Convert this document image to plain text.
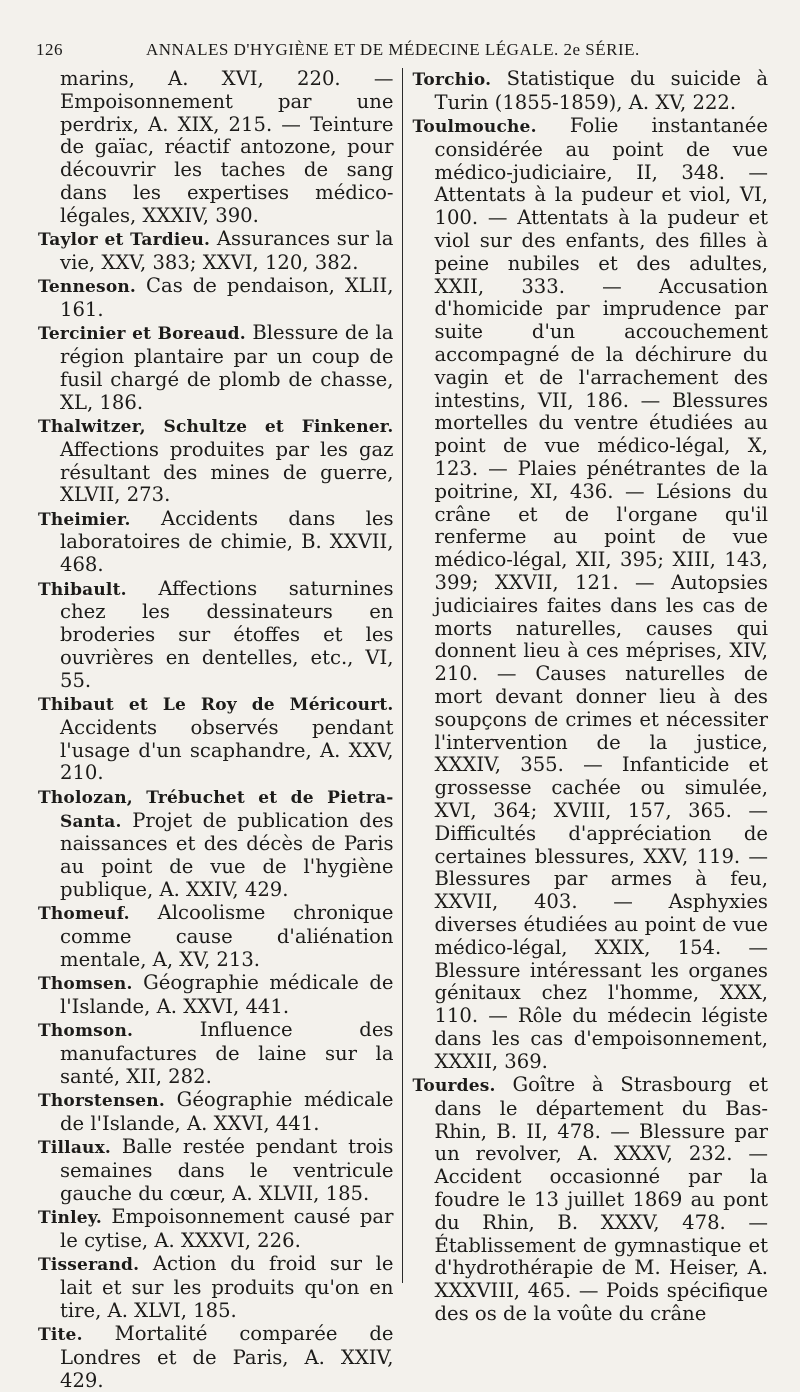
126	ANNALES D'HYGIÈNE ET DE MÉDECINE LÉGALE. 2e SÉRIE.

marins, A. XVI, 220. — Empoisonnement par une perdrix, A. XIX, 215. — Teinture de gaïac, réactif antozone, pour découvrir les taches de sang dans les expertises médico-légales, XXXIV, 390.

Taylor et Tardieu. Assurances sur la vie, XXV, 383; XXVI, 120, 382.

Tenneson. Cas de pendaison, XLII, 161.

Tercinier et Boreaud. Blessure de la région plantaire par un coup de fusil chargé de plomb de chasse, XL, 186.

Thalwitzer, Schultze et Finkener. Affections produites par les gaz résultant des mines de guerre, XLVII, 273.

Theimier. Accidents dans les laboratoires de chimie, B. XXVII, 468.

Thibault. Affections saturnines chez les dessinateurs en broderies sur étoffes et les ouvrières en dentelles, etc., VI, 55.

Thibaut et Le Roy de Méricourt. Accidents observés pendant l'usage d'un scaphandre, A. XXV, 210.

Tholozan, Trébuchet et de Pietra-Santa. Projet de publication des naissances et des décès de Paris au point de vue de l'hygiène publique, A. XXIV, 429.

Thomeuf. Alcoolisme chronique comme cause d'aliénation mentale, A, XV, 213.

Thomsen. Géographie médicale de l'Islande, A. XXVI, 441.

Thomson.	Influence des manufactures de laine sur la santé, XII, 282.

Thorstensen. Géographie médicale de l'Islande, A. XXVI, 441.

Tillaux. Balle restée pendant trois semaines dans le ventricule gauche du cœur, A. XLVII, 185.

Tinley. Empoisonnement causé par le cytise, A. XXXVI, 226.

Tisserand. Action du froid sur le lait et sur les produits qu'on en tire, A. XLVI, 185.

Tite. Mortalité comparée de Londres et de Paris, A. XXIV, 429.

Torchio. Statistique du suicide à Turin (1855-1859), A. XV, 222.

Toulmouche. Folie instantanée considérée au point de vue médico-judiciaire, II, 348. — Attentats à la pudeur et viol, VI, 100. — Attentats à la pudeur et viol sur des enfants, des filles à peine nubiles et des adultes, XXII, 333. — Accusation d'homicide par imprudence par suite d'un accouchement accompagné de la déchirure du vagin et de l'arrachement des intestins, VII, 186. — Blessures mortelles du ventre étudiées au point de vue médico-légal, X, 123. — Plaies pénétrantes de la poitrine, XI, 436. — Lésions du crâne et de l'organe qu'il renferme au point de vue médico-légal, XII, 395; XIII, 143, 399; XXVII, 121. — Autopsies judiciaires faites dans les cas de morts naturelles, causes qui donnent lieu à ces méprises, XIV, 210. — Causes naturelles de mort devant donner lieu à des soupçons de crimes et nécessiter l'intervention de la justice, XXXIV, 355. — Infanticide et grossesse cachée ou simulée, XVI, 364; XVIII, 157, 365. — Difficultés d'appréciation de certaines blessures, XXV, 119. — Blessures par armes à feu, XXVII, 403. — Asphyxies diverses étudiées au point de vue médico-légal, XXIX, 154. — Blessure intéressant les organes génitaux chez l'homme, XXX, 110. — Rôle du médecin légiste dans les cas d'empoisonnement, XXXII, 369.

Tourdes. Goître à Strasbourg et dans le département du Bas-Rhin, B. II, 478. — Blessure par un revolver, A. XXXV, 232. — Accident occasionné par la foudre le 13 juillet 1869 au pont du Rhin, B. XXXV, 478. — Établissement de gymnastique et d'hydrothérapie de M. Heiser, A. XXXVIII, 465. — Poids spécifique des os de la voûte du crâne
